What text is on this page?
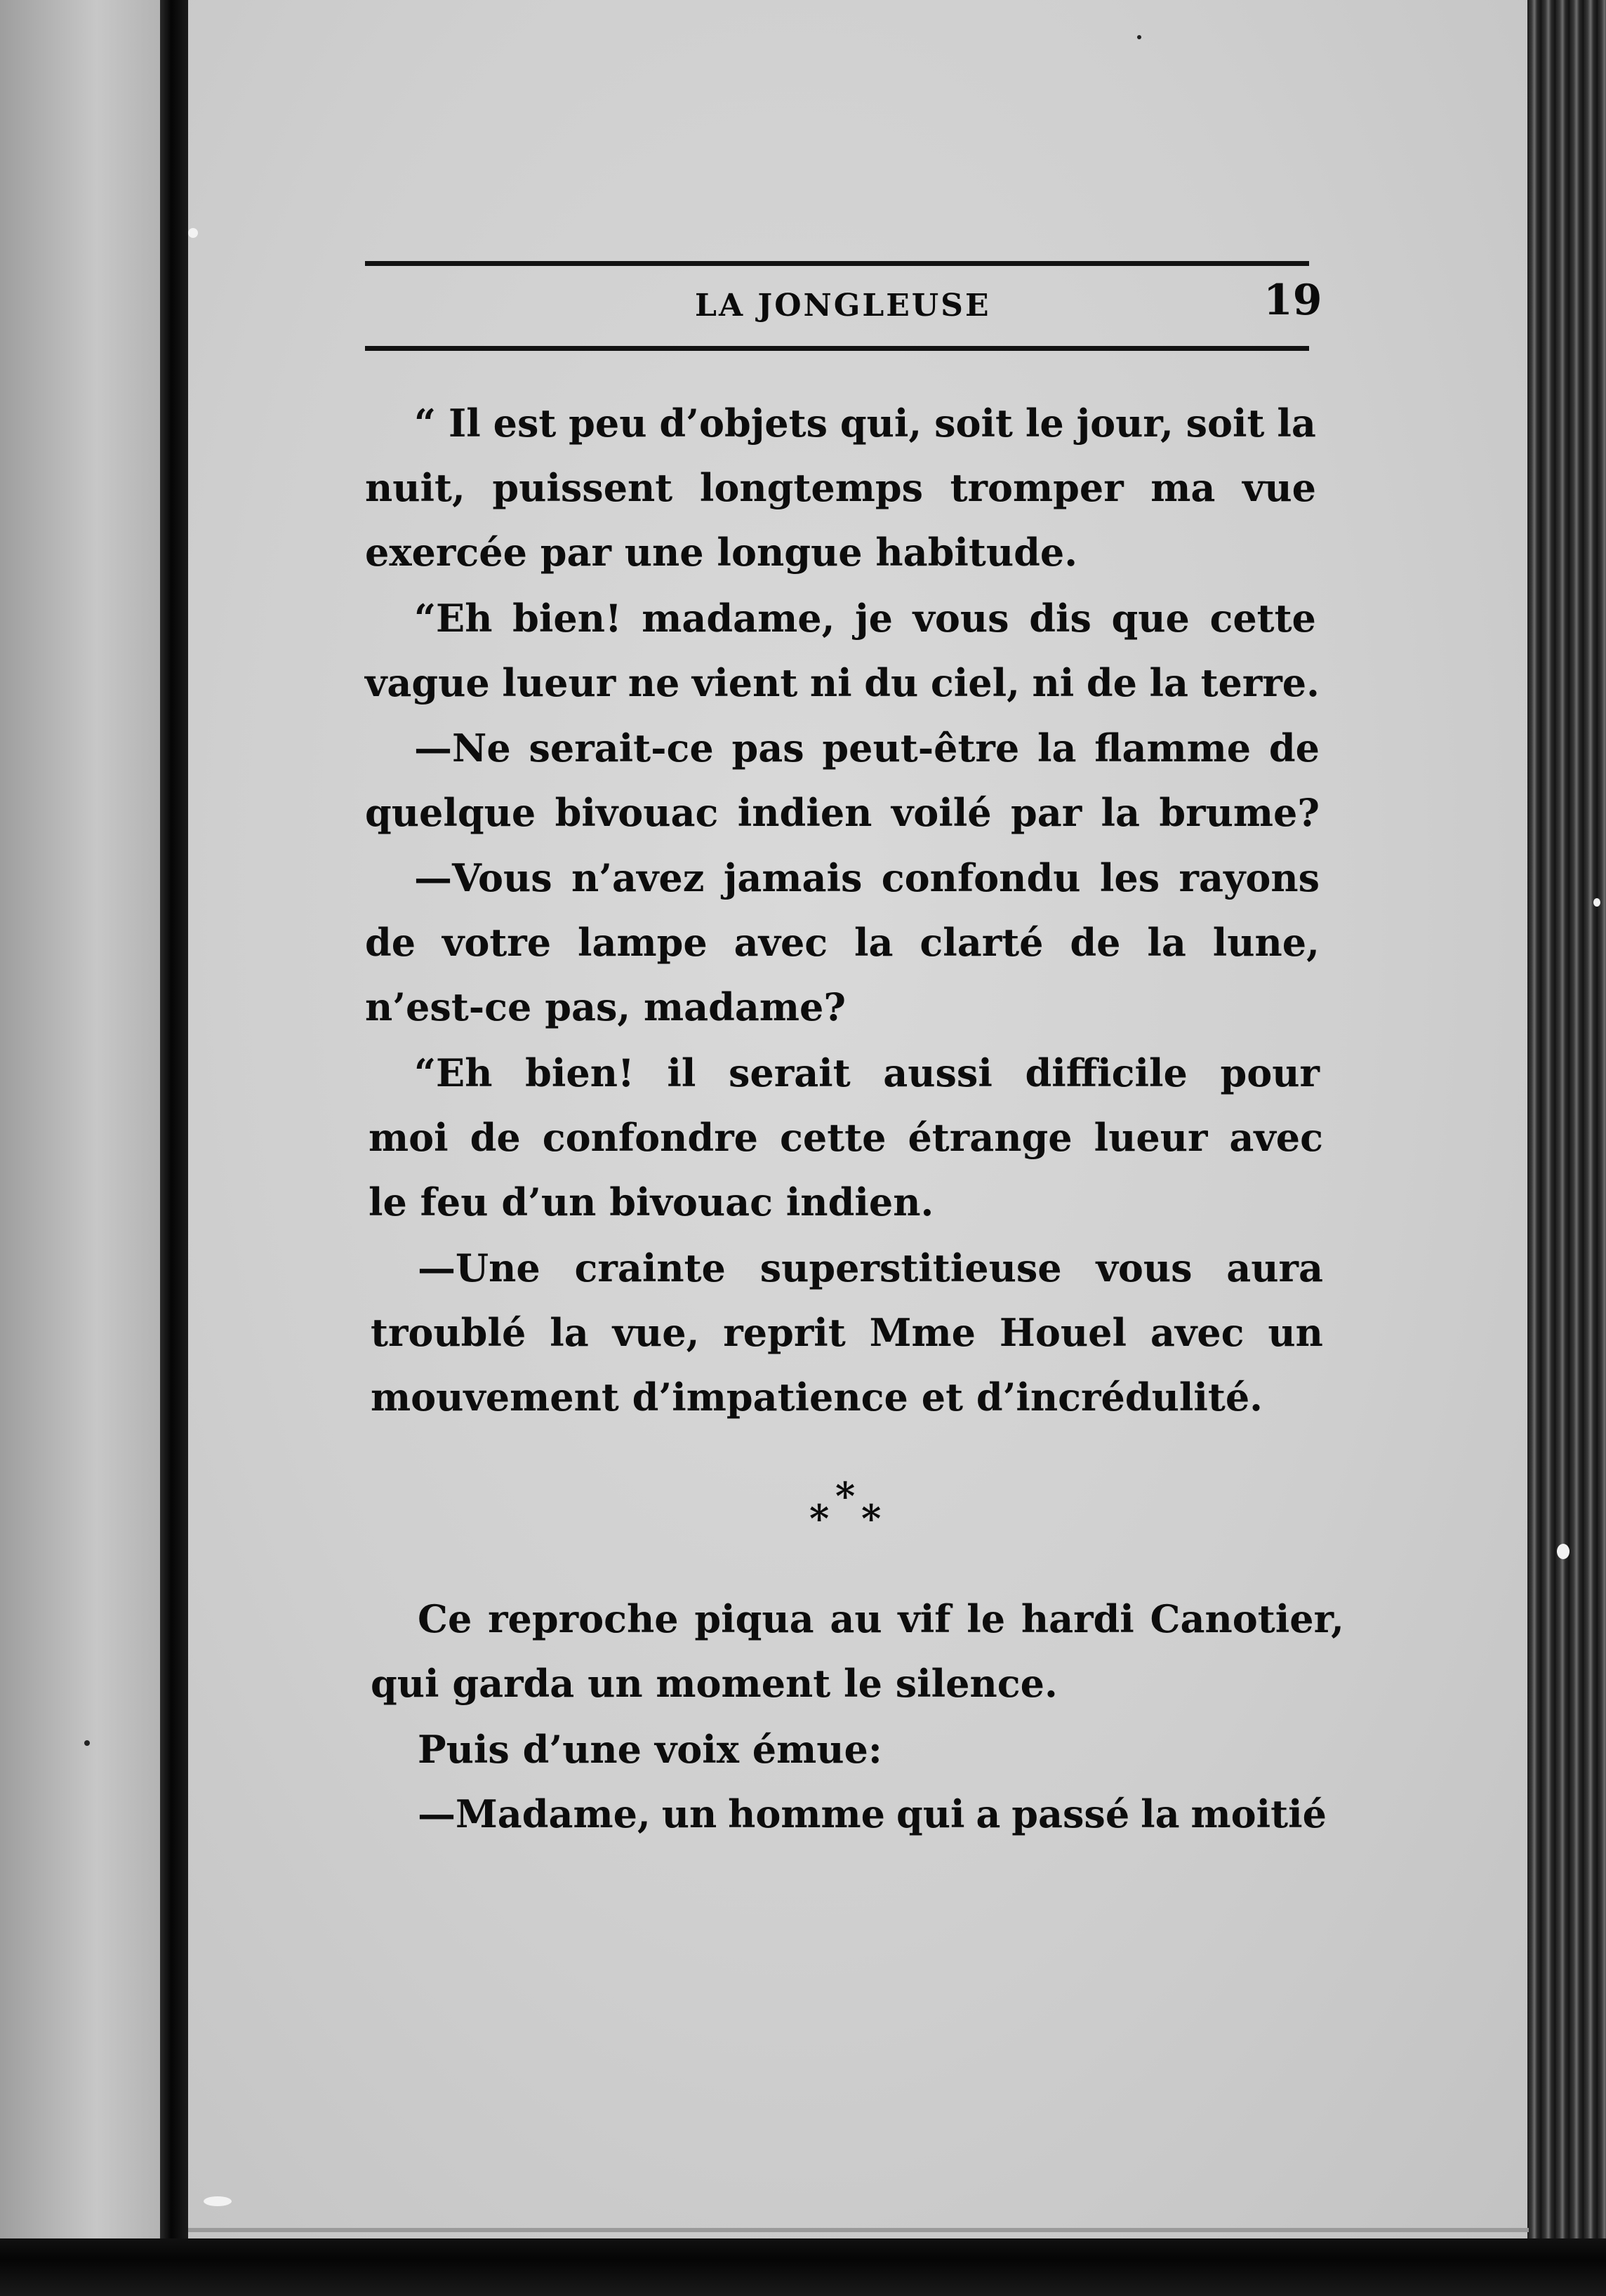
LA JONGLEUSE	19
“ Il est peu d’objets qui, soit le jour, soit la
nuit, puissent longtemps tromper ma vue
exercée par une longue habitude.
“Eh bien! madame, je vous dis que cette
vague lueur ne vient ni du ciel, ni de la terre.
—Ne serait-ce pas peut-être la flamme de
quelque bivouac indien voilé par la brume?
—Vous n’avez jamais confondu les rayons
de votre lampe avec la clarté de la lune,
n’est-ce pas, madame?
“Eh bien! il serait aussi difficile pour
moi de confondre cette étrange lueur avec
le feu d’un bivouac indien.
—Une crainte superstitieuse vous aura
troublé la vue, reprit Mme Houel avec un
mouvement d’impatience et d’incrédulité.
*
* *
Ce reproche piqua au vif le hardi Canotier,
qui garda un moment le silence.
Puis d’une voix émue:
—Madame, un homme qui a passé la moitié
